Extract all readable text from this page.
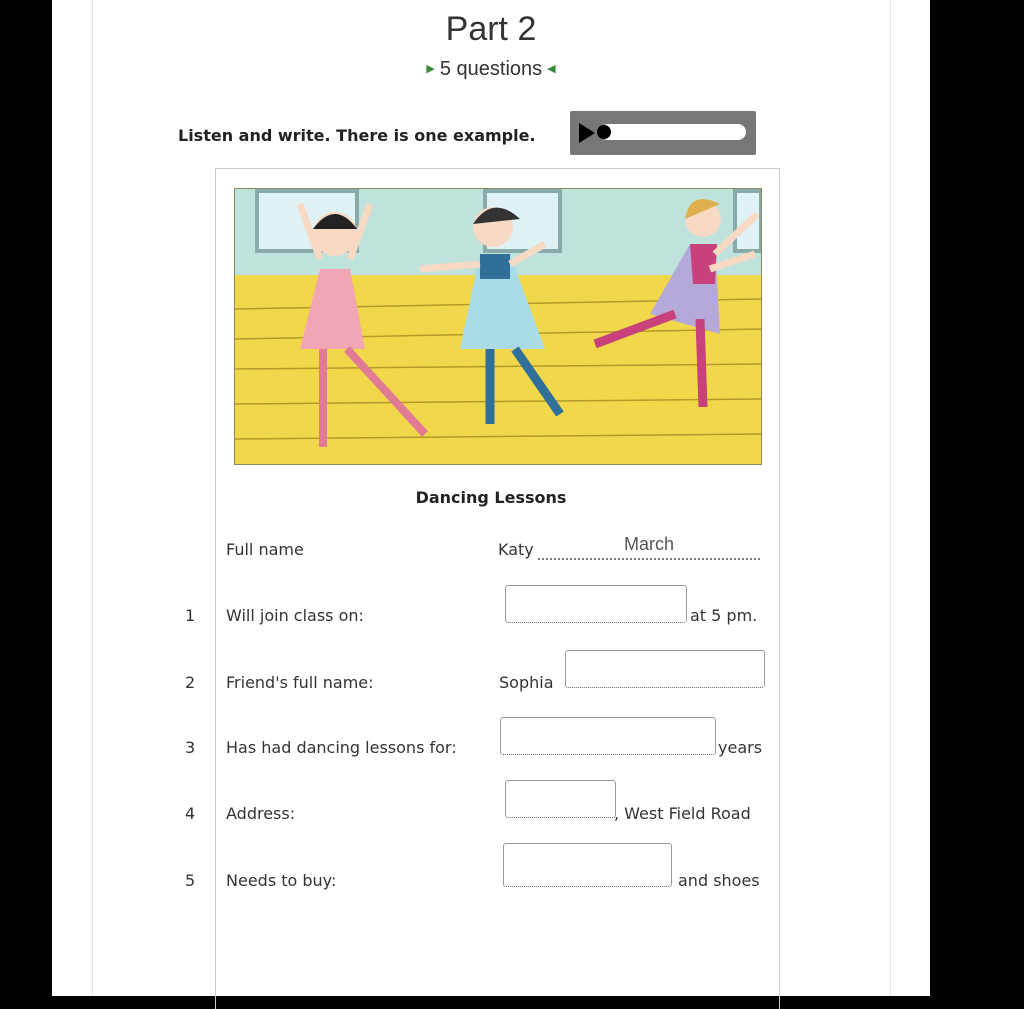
Part 2
▶ 5 questions ◀
Listen and write. There is one example.
Dancing Lessons
Full name	Katy	March
1 Will join class on:	at 5 pm.
2 Friend's full name:	Sophia
3 Has had dancing lessons for:	years
4 Address:	, West Field Road
5 Needs to buy:	and shoes
